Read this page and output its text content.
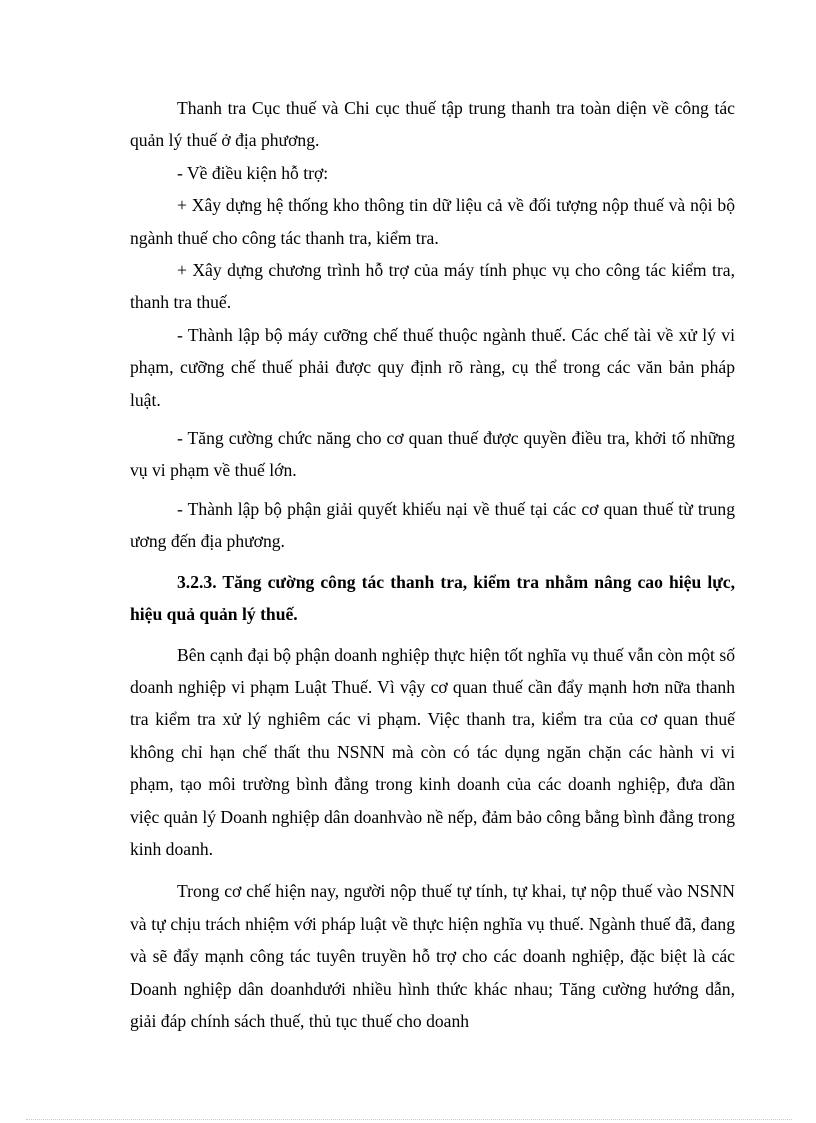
Thanh tra Cục thuế và Chi cục thuế tập trung thanh tra toàn diện về công tác quản lý thuế ở địa phương.

- Về điều kiện hỗ trợ:

+ Xây dựng hệ thống kho thông tin dữ liệu cả về đối tượng nộp thuế và nội bộ ngành thuế cho công tác thanh tra, kiểm tra.

+ Xây dựng chương trình hỗ trợ của máy tính phục vụ cho công tác kiểm tra, thanh tra thuế.

- Thành lập bộ máy cưỡng chế thuế thuộc ngành thuế. Các chế tài về xử lý vi phạm, cưỡng chế thuế phải được quy định rõ ràng, cụ thể trong các văn bản pháp luật.

- Tăng cường chức năng cho cơ quan thuế được quyền điều tra, khởi tố những vụ vi phạm về thuế lớn.

- Thành lập bộ phận giải quyết khiếu nại về thuế tại các cơ quan thuế từ trung ương đến địa phương.

3.2.3. Tăng cường công tác thanh tra, kiểm tra nhằm nâng cao hiệu lực, hiệu quả quản lý thuế.

Bên cạnh đại bộ phận doanh nghiệp thực hiện tốt nghĩa vụ thuế vẫn còn một số doanh nghiệp vi phạm Luật Thuế. Vì vậy cơ quan thuế cần đẩy mạnh hơn nữa thanh tra kiểm tra xử lý nghiêm các vi phạm. Việc thanh tra, kiểm tra của cơ quan thuế không chỉ hạn chế thất thu NSNN mà còn có tác dụng ngăn chặn các hành vi vi phạm, tạo môi trường bình đẳng trong kinh doanh của các doanh nghiệp, đưa dần việc quản lý Doanh nghiệp dân doanhvào nề nếp, đảm bảo công bằng bình đẳng trong kinh doanh.

Trong cơ chế hiện nay, người nộp thuế tự tính, tự khai, tự nộp thuế vào NSNN và tự chịu trách nhiệm với pháp luật về thực hiện nghĩa vụ thuế. Ngành thuế đã, đang và sẽ đẩy mạnh công tác tuyên truyền hỗ trợ cho các doanh nghiệp, đặc biệt là các Doanh nghiệp dân doanhdưới nhiều hình thức khác nhau; Tăng cường hướng dẫn, giải đáp chính sách thuế, thủ tục thuế cho doanh
